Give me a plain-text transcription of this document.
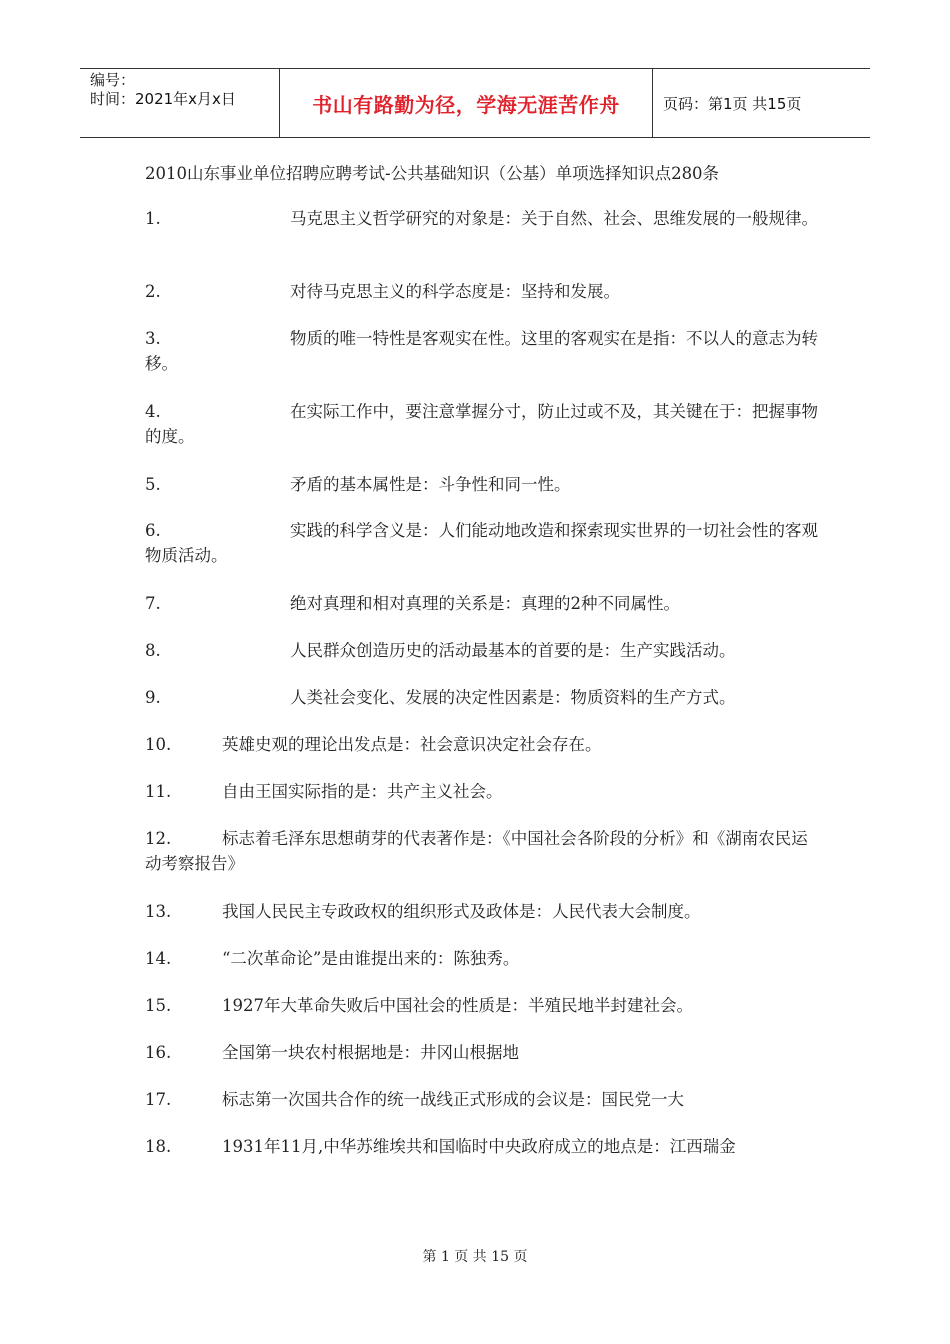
编号：
时间：2021年x月x日	书山有路勤为径，学海无涯苦作舟	页码：第1页 共15页
2010山东事业单位招聘应聘考试-公共基础知识（公基）单项选择知识点280条
1.	马克思主义哲学研究的对象是：关于自然、社会、思维发展的一般规律。
2.	对待马克思主义的科学态度是：坚持和发展。
3.	物质的唯一特性是客观实在性。这里的客观实在是指：不以人的意志为转移。
4.	在实际工作中，要注意掌握分寸，防止过或不及，其关键在于：把握事物的度。
5.	矛盾的基本属性是：斗争性和同一性。
6.	实践的科学含义是：人们能动地改造和探索现实世界的一切社会性的客观物质活动。
7.	绝对真理和相对真理的关系是：真理的2种不同属性。
8.	人民群众创造历史的活动最基本的首要的是：生产实践活动。
9.	人类社会变化、发展的决定性因素是：物质资料的生产方式。
10.	英雄史观的理论出发点是：社会意识决定社会存在。
11.	自由王国实际指的是：共产主义社会。
12.	标志着毛泽东思想萌芽的代表著作是：《中国社会各阶段的分析》和《湖南农民运动考察报告》
13.	我国人民民主专政政权的组织形式及政体是：人民代表大会制度。
14.	“二次革命论”是由谁提出来的：陈独秀。
15.	1927年大革命失败后中国社会的性质是：半殖民地半封建社会。
16.	全国第一块农村根据地是：井冈山根据地
17.	标志第一次国共合作的统一战线正式形成的会议是：国民党一大
18.	1931年11月,中华苏维埃共和国临时中央政府成立的地点是：江西瑞金
第 1 页 共 15 页
